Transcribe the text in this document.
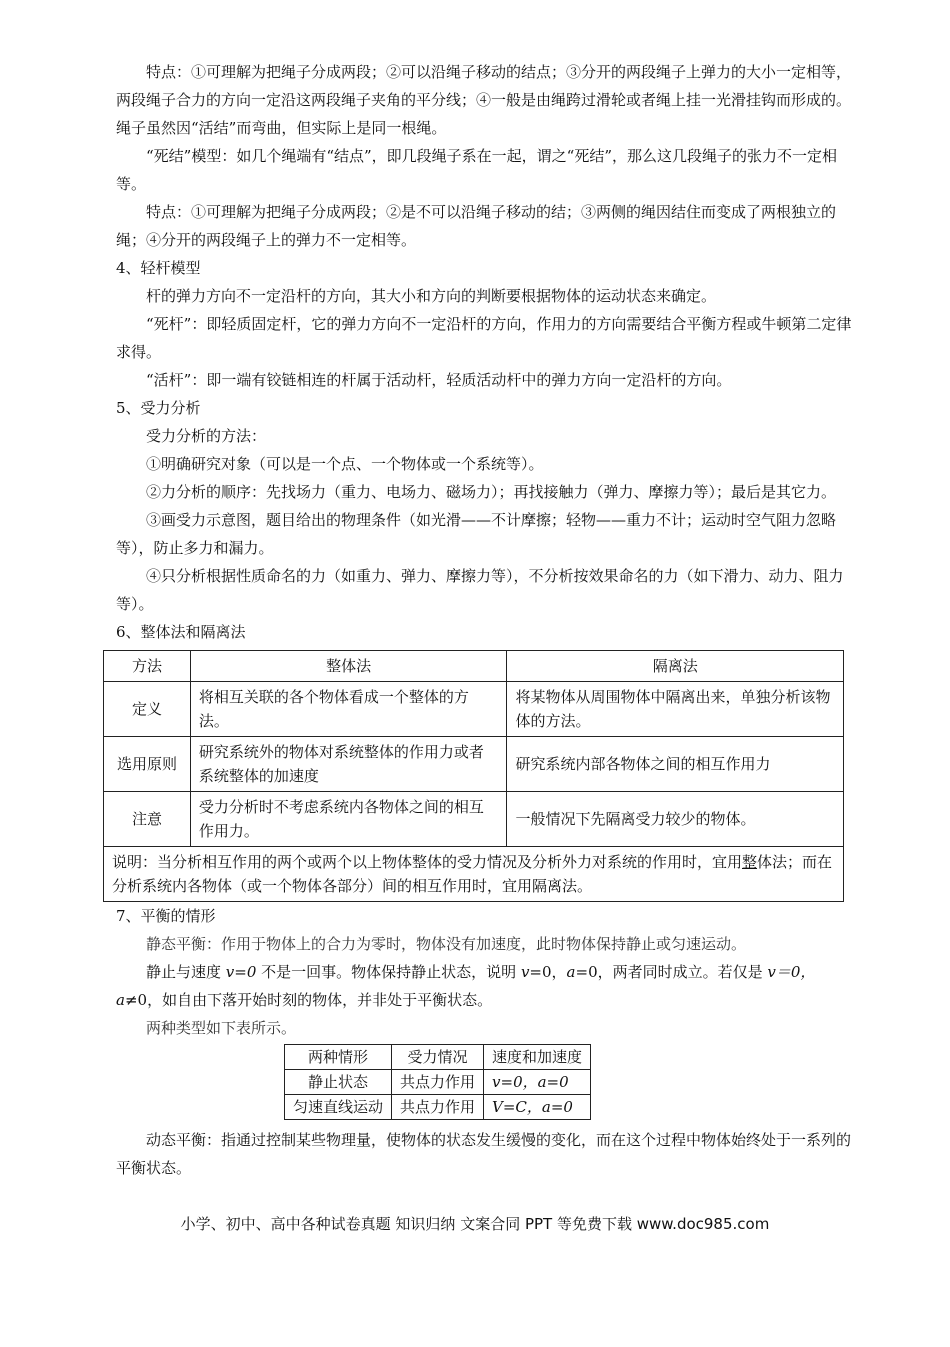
特点：①可理解为把绳子分成两段；②可以沿绳子移动的结点；③分开的两段绳子上弹力的大小一定相等，两段绳子合力的方向一定沿这两段绳子夹角的平分线；④一般是由绳跨过滑轮或者绳上挂一光滑挂钩而形成的。绳子虽然因“活结”而弯曲，但实际上是同一根绳。

“死结”模型：如几个绳端有“结点”，即几段绳子系在一起，谓之“死结”，那么这几段绳子的张力不一定相等。

特点：①可理解为把绳子分成两段；②是不可以沿绳子移动的结；③两侧的绳因结住而变成了两根独立的绳；④分开的两段绳子上的弹力不一定相等。

4、轻杆模型

杆的弹力方向不一定沿杆的方向，其大小和方向的判断要根据物体的运动状态来确定。

“死杆”：即轻质固定杆，它的弹力方向不一定沿杆的方向，作用力的方向需要结合平衡方程或牛顿第二定律求得。

“活杆”：即一端有铰链相连的杆属于活动杆，轻质活动杆中的弹力方向一定沿杆的方向。

5、受力分析

受力分析的方法：

①明确研究对象（可以是一个点、一个物体或一个系统等）。

②力分析的顺序：先找场力（重力、电场力、磁场力）；再找接触力（弹力、摩擦力等）；最后是其它力。

③画受力示意图，题目给出的物理条件（如光滑——不计摩擦；轻物——重力不计；运动时空气阻力忽略等），防止多力和漏力。

④只分析根据性质命名的力（如重力、弹力、摩擦力等），不分析按效果命名的力（如下滑力、动力、阻力等）。

6、整体法和隔离法

方法	整体法	隔离法
定义	将相互关联的各个物体看成一个整体的方法。	将某物体从周围物体中隔离出来，单独分析该物体的方法。
选用原则	研究系统外的物体对系统整体的作用力或者系统整体的加速度	研究系统内部各物体之间的相互作用力
注意	受力分析时不考虑系统内各物体之间的相互作用力。	一般情况下先隔离受力较少的物体。
说明：当分析相互作用的两个或两个以上物体整体的受力情况及分析外力对系统的作用时，宜用整体法；而在分析系统内各物体（或一个物体各部分）间的相互作用时，宜用隔离法。		

7、平衡的情形

静态平衡：作用于物体上的合力为零时，物体没有加速度，此时物体保持静止或匀速运动。

静止与速度 v=0 不是一回事。物体保持静止状态，说明 v=0，a=0，两者同时成立。若仅是 v＝0，a≠0，如自由下落开始时刻的物体，并非处于平衡状态。

两种类型如下表所示。

两种情形	受力情况	速度和加速度
静止状态	共点力作用	v=0，a=0
匀速直线运动	共点力作用	V=C，a=0

动态平衡：指通过控制某些物理量，使物体的状态发生缓慢的变化，而在这个过程中物体始终处于一系列的平衡状态。

小学、初中、高中各种试卷真题 知识归纳 文案合同 PPT 等免费下载 www.doc985.com
